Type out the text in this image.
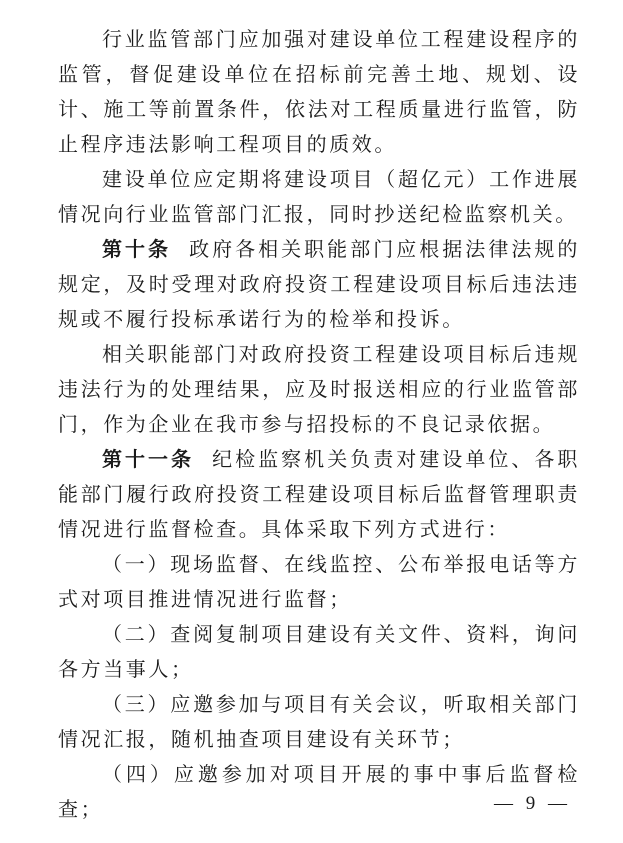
行业监管部门应加强对建设单位工程建设程序的监管，督促建设单位在招标前完善土地、规划、设计、施工等前置条件，依法对工程质量进行监管，防止程序违法影响工程项目的质效。

建设单位应定期将建设项目（超亿元）工作进展情况向行业监管部门汇报，同时抄送纪检监察机关。

第十条 政府各相关职能部门应根据法律法规的规定，及时受理对政府投资工程建设项目标后违法违规或不履行投标承诺行为的检举和投诉。

相关职能部门对政府投资工程建设项目标后违规违法行为的处理结果，应及时报送相应的行业监管部门，作为企业在我市参与招投标的不良记录依据。

第十一条 纪检监察机关负责对建设单位、各职能部门履行政府投资工程建设项目标后监督管理职责情况进行监督检查。具体采取下列方式进行：

（一）现场监督、在线监控、公布举报电话等方式对项目推进情况进行监督；

（二）查阅复制项目建设有关文件、资料，询问各方当事人；

（三）应邀参加与项目有关会议，听取相关部门情况汇报，随机抽查项目建设有关环节；

（四）应邀参加对项目开展的事中事后监督检查；	— 9 —
